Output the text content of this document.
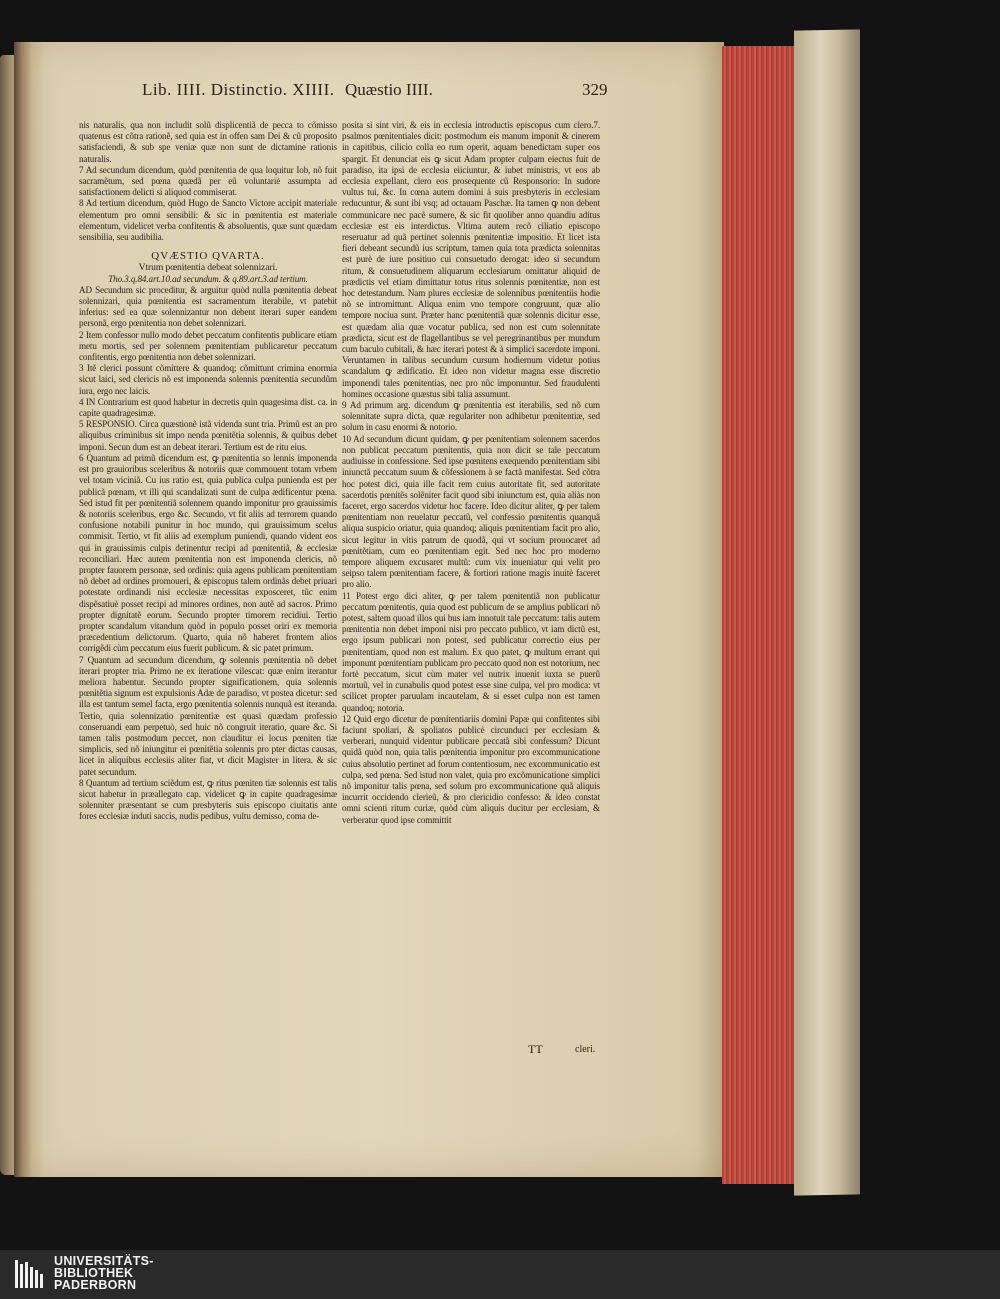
Lib. IIII. Distinctio. XIIII. Quæstio IIII.	329

nis naturalis, qua non includit solũ displicentiã de pecca to cõmisso quatenus est cõtra rationẽ, sed quia est in offen sam Dei & cũ proposito satisfaciendi, & sub spe veniæ quæ non sunt de dictamine rationis naturalis.

7 Ad secundum dicendum, quòd pœnitentia de qua loquitur Iob, nõ fuit sacramẽtum, sed pœna quædã per eũ voluntariè assumpta ad satisfactionem delicti si aliquod commiserat.

8 Ad tertium dicendum, quòd Hugo de Sancto Victore accipit materiale elementum pro omni sensibili: & sic in pœnitentia est materiale elementum, videlicet verba confitentis & absoluentis, quæ sunt quædam sensibilia, seu audibilia.

QVÆSTIO QVARTA.

Vtrum pœnitentia debeat solennizari.

Tho.3.q.84.art.10.ad secundum. & q.89.art.3.ad tertium.

AD Secundum sic proceditur, & arguitur quòd nulla pœnitentia debeat solennizari, quia pœnitentia est sacramentum iterabile, vt patebit inferius: sed ea quæ solennizantur non debent iterari super eandem personã, ergo pœnitentia non debet solennizari.

2 Item confessor nullo modo debet peccatum confitentis publicare etiam metu mortis, sed per solennem pœnitentiam publicaretur peccatum confitentis, ergo pœnitentia non debet solennizari.

3 Itẽ clerici possunt cõmittere & quandoq; cõmittunt crimina enormia sicut laici, sed clericis nõ est imponenda solennis pœnitentia secundũm iura, ergo nec laicis.

4 IN Contrarium est quod habetur in decretis quin quagesima dist. ca. in capite quadragesimæ.

5 RESPONSIO. Circa quæstionẽ istã videnda sunt tria. Primũ est an pro aliquibus criminibus sit impo nenda pœnitẽtia solennis, & quibus debet imponi. Secun dum est an debeat iterari. Tertium est de ritu eius.

6 Quantum ad primũ dicendum est, ꝙ pœnitentia so lennis imponenda est pro grauioribus sceleribus & notoriis quæ commouent totam vrbem vel totam viciniã. Cu ius ratio est, quia publica culpa punienda est per publicã pœnam, vt illi qui scandalizati sunt de culpa ædificentur pœna. Sed istud fit per pœnitentiã solennem quando imponitur pro grauissimis & notoriis sceleribus, ergo &c. Secundo, vt fit aliis ad terrorem quando confusione notabili punitur in hoc mundo, qui grauissimum scelus commisit. Tertio, vt fit aliis ad exemplum puniendi, quando vident eos qui in grauissimis culpis detinentur recipi ad pœnitentiã, & ecclesiæ reconciliari. Hæc autem pœnitentia non est imponenda clericis, nõ propter fauorem personæ, sed ordinis: quia agens publicam pœnitentiam nõ debet ad ordines promoueri, & episcopus talem ordinãs debet priuari potestate ordinandi nisi ecclesiæ necessitas exposceret, tũc enim dispẽsatiuè posset recipi ad minores ordines, non autẽ ad sacros. Primo propter dignitatẽ eorum. Secundo propter timorem recidiui. Tertio propter scandalum vitandum quòd in populo posset oriri ex memoria præcedentium delictorum. Quarto, quia nõ haberet frontem alios corrigẽdi cùm peccatum eius fuerit publicum. & sic patet primum.

7 Quantum ad secundum dicendum, ꝙ solennis pœnitentia nõ debet iterari propter tria. Primo ne ex iteratione vilescat: quæ enim iterantur meliora habentur. Secundo propter significationem, quia solennis pœnitẽtia signum est expulsionis Adæ de paradiso, vt postea dicetur: sed illa est tantum semel facta, ergo pœnitentia solennis nunquã est iteranda. Tertio, quia solennizatio pœnitentiæ est quasi quædam professio conseruandi eam perpetuò, sed huic nõ congruit iteratio, quare &c. Si tamen talis postmodum peccet, non clauditur ei locus pœniten tiæ simplicis, sed nõ iniungitur ei pœnitẽtia solennis pro pter dictas causas, licet in aliquibus ecclesiis aliter fiat, vt dicit Magister in litera. & sic patet secundum.

8 Quantum ad tertium sciẽdum est, ꝙ ritus pœniten tiæ solennis est talis sicut habetur in præallegato cap. videlicet ꝙ in capite quadragesimæ solenniter præsentant se cum presbyteris suis episcopo ciuitatis ante fores ecclesiæ induti saccis, nudis pedibus, vultu demisso, coma de-

posita si sint viri, & eis in ecclesia introductis episcopus cum clero.7. psalmos pœnitentiales dicit: postmodum eis manum imponit & cinerem in capitibus, cilicio colla eo rum operit, aquam benedictam super eos spargit. Et denunciat eis ꝙ sicut Adam propter culpam eiectus fuit de paradiso, ita ipsi de ecclesia eiiciuntur, & iubet ministris, vt eos ab ecclesia expellant, clero eos prosequente cũ Responsorio: In sudore vultus tui, &c. In cœna autem domini à suis presbyteris in ecclesiam reducuntur, & sunt ibi vsq; ad octauam Paschæ. Ita tamen ꝙ non debent communicare nec pacẽ sumere, & sic fit quoliber anno quandiu aditus ecclesiæ est eis interdictus. Vltima autem recõ ciliatio episcopo reseruatur ad quã pertinet solennis pœnitentiæ impositio. Et licet ista fieri debeant secundũ ius scriptum, tamen quia tota prædicta solennitas est purè de iure positiuo cui consuetudo derogat: ideo si secundum ritum, & consuetudinem aliquarum ecclesiarum omittatur aliquid de prædictis vel etiam dimittatur totus ritus solennis pœnitentiæ, non est hoc detestandum. Nam plures ecclesiæ de solennibus pœnitentiis hodie nõ se intromittunt. Aliqua enim vno tempore congruunt, quæ alio tempore nociua sunt. Præter hanc pœnitentiã quæ solennis dicitur esse, est quædam alia quæ vocatur publica, sed non est cum solennitate prædicta, sicut est de flagellantibus se vel peregrinantibus per mundum cum baculo cubitali, & hæc iterari potest & à simplici sacerdote imponi. Veruntamen in talibus secundum cursum hodiernum videtur potius scandalum ꝙ ædificatio. Et ideo non videtur magna esse discretio imponendi tales pœnitentias, nec pro nũc imponuntur. Sed fraudulenti homines occasione quæstus sibi talia assumunt.

9 Ad primum arg. dicendum ꝙ pœnitentia est iterabilis, sed nõ cum solennitate supra dicta, quæ regulariter non adhibetur pœnitentiæ, sed solum in casu enormi & notorio.

10 Ad secundum dicunt quidam, ꝙ per pœnitentiam solennem sacerdos non publicat peccatum pœnitentis, quia non dicit se tale peccatum audiuisse in confessione. Sed ipse pœnitens exequendo pœnitentiam sibi iniunctã peccatum suum & cõfessionem à se factã manifestat. Sed cõtra hoc potest dici, quia ille facit rem cuius autoritate fit, sed autoritate sacerdotis pœnitẽs solẽniter facit quod sibi iniunctum est, quia aliàs non faceret, ergo sacerdos videtur hoc facere. Ideo dicitur aliter, ꝙ per talem pœnitentiam non reuelatur peccatũ, vel confessio pœnitentis quanquã aliqua suspicio oriatur, quia quandoq; aliquis pœnitentiam facit pro alio, sicut legitur in vitis patrum de quodã, qui vt socium prouocaret ad pœnitẽtiam, cum eo pœnitentiam egit. Sed nec hoc pro moderno tempore aliquem excusaret multũ: cum vix inueniatur qui velit pro seipso talem pœnitentiam facere, & fortiori ratione magis inuitè faceret pro alio.

11 Potest ergo dici aliter, ꝙ per talem pœnitentiã non publicatur peccatum pœnitentis, quia quod est publicum de se amplius publicari nõ potest, saltem quoad illos qui bus iam innotuit tale peccatum: talis autem pœnitentia non debet imponi nisi pro peccato publico, vt iam dictũ est, ergo ipsum publicari non potest, sed publicatur correctio eius per pœnitentiam, quod non est malum. Ex quo patet, ꝙ multum errant qui imponunt pœnitentiam publicam pro peccato quod non est notorium, nec fortè peccatum, sicut cùm mater vel nutrix inuenit iuxta se puerũ mortuũ, vel in cunabulis quod potest esse sine culpa, vel pro modica: vt scilicet propter paruulam incautelam, & si esset culpa non est tamen quandoq; notoria.

12 Quid ergo dicetur de pœnitentiariis domini Papæ qui confitentes sibi faciunt spoliari, & spoliatos publicè circunduci per ecclesiam & verberari, nunquid videntur publicare peccatã sibi confessum? Dicunt quidã quòd non, quia talis pœnitentia imponitur pro excommunicatione cuius absolutio pertinet ad forum contentiosum, nec excommunicatio est culpa, sed pœna. Sed istud non valet, quia pro excõmunicatione simplici nõ imponitur talis pœna, sed solum pro excommunicatione quã aliquis incurrit occidendo clerieũ, & pro clericidio confesso: & ideo constat omni scienti ritum curiæ, quòd cùm aliquis ducitur per ecclesiam, & verberatur quod ipse committit

TT	cleri.
UNIVERSITÄTS-
BIBLIOTHEK
PADERBORN
